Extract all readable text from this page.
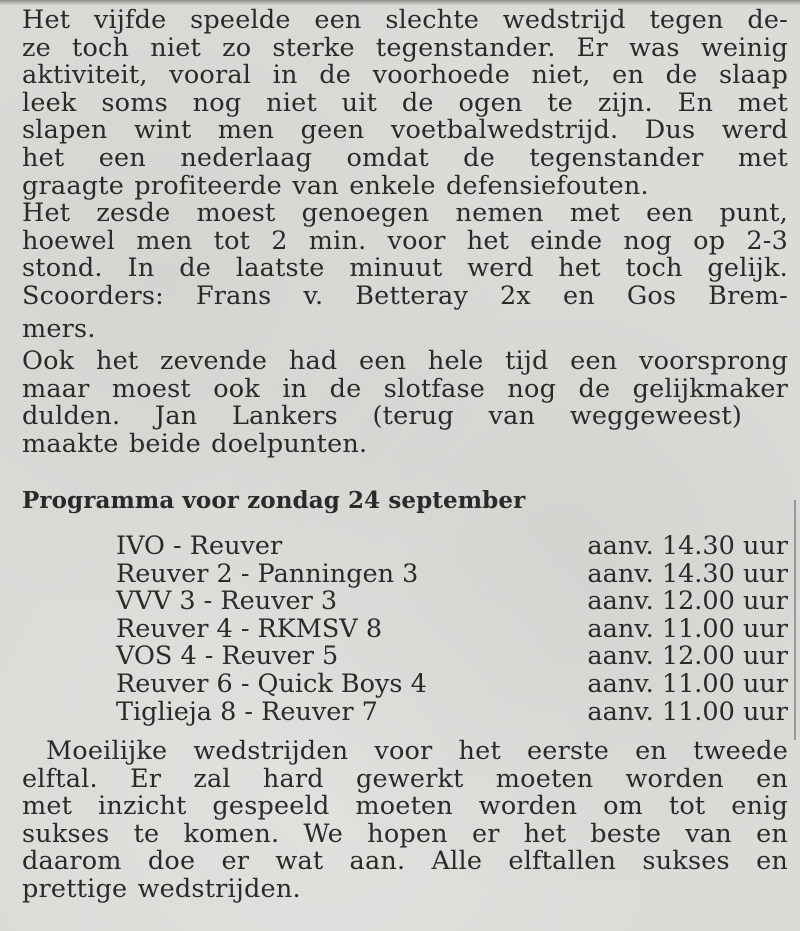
Het vijfde speelde een slechte wedstrijd tegen de-
ze toch niet zo sterke tegenstander. Er was weinig
aktiviteit, vooral in de voorhoede niet, en de slaap
leek soms nog niet uit de ogen te zijn. En met
slapen wint men geen voetbalwedstrijd. Dus werd
het een nederlaag omdat de tegenstander met
graagte profiteerde van enkele defensiefouten.
Het zesde moest genoegen nemen met een punt,
hoewel men tot 2 min. voor het einde nog op 2-3
stond. In de laatste minuut werd het toch gelijk.
Scoorders: Frans v. Betteray 2x en Gos Brem-
mers.
Ook het zevende had een hele tijd een voorsprong
maar moest ook in de slotfase nog de gelijkmaker
dulden. Jan Lankers (terug van weggeweest)
maakte beide doelpunten.
Programma voor zondag 24 september
IVO - Reuver	aanv. 14.30 uur
Reuver 2 - Panningen 3	aanv. 14.30 uur
VVV 3 - Reuver 3	aanv. 12.00 uur
Reuver 4 - RKMSV 8	aanv. 11.00 uur
VOS 4 - Reuver 5	aanv. 12.00 uur
Reuver 6 - Quick Boys 4	aanv. 11.00 uur
Tiglieja 8 - Reuver 7	aanv. 11.00 uur
Moeilijke wedstrijden voor het eerste en tweede
elftal. Er zal hard gewerkt moeten worden en
met inzicht gespeeld moeten worden om tot enig
sukses te komen. We hopen er het beste van en
daarom doe er wat aan. Alle elftallen sukses en
prettige wedstrijden.
